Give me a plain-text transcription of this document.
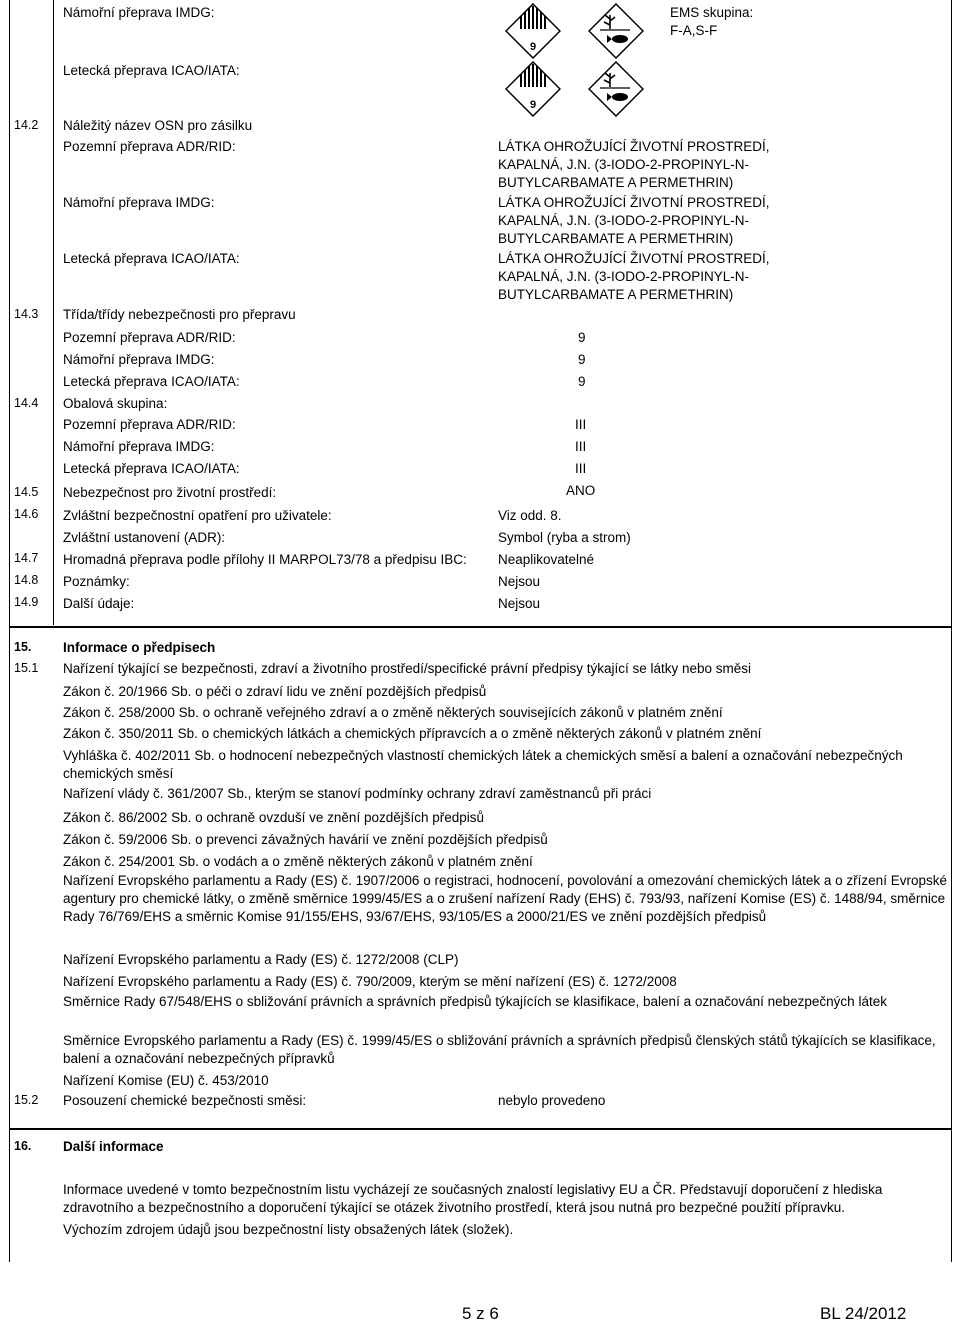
Námořní přeprava IMDG:
Letecká přeprava ICAO/IATA:
EMS skupina:
F-A,S-F
9
9
14.2 Náležitý název OSN pro zásilku
Pozemní přeprava ADR/RID:	LÁTKA OHROŽUJÍCÍ ŽIVOTNÍ PROSTREDÍ,
KAPALNÁ, J.N. (3-IODO-2-PROPINYL-N-
BUTYLCARBAMATE A PERMETHRIN)
Námořní přeprava IMDG:	LÁTKA OHROŽUJÍCÍ ŽIVOTNÍ PROSTREDÍ,
KAPALNÁ, J.N. (3-IODO-2-PROPINYL-N-
BUTYLCARBAMATE A PERMETHRIN)
Letecká přeprava ICAO/IATA:	LÁTKA OHROŽUJÍCÍ ŽIVOTNÍ PROSTREDÍ,
KAPALNÁ, J.N. (3-IODO-2-PROPINYL-N-
BUTYLCARBAMATE A PERMETHRIN)
14.3 Třída/třídy nebezpečnosti pro přepravu
Pozemní přeprava ADR/RID:	9
Námořní přeprava IMDG:	9
Letecká přeprava ICAO/IATA:	9
14.4 Obalová skupina:
Pozemní přeprava ADR/RID:	III
Námořní přeprava IMDG:	III
Letecká přeprava ICAO/IATA:	III
14.5 Nebezpečnost pro životní prostředí:	ANO
14.6 Zvláštní bezpečnostní opatření pro uživatele:	Viz odd. 8.
Zvláštní ustanovení (ADR):	Symbol (ryba a strom)
14.7 Hromadná přeprava podle přílohy II MARPOL73/78 a předpisu IBC: Neaplikovatelné
14.8 Poznámky:	Nejsou
14.9 Další údaje:	Nejsou
15. Informace o předpisech
15.1 Nařízení týkající se bezpečnosti, zdraví a životního prostředí/specifické právní předpisy týkající se látky nebo směsi
Zákon č. 20/1966 Sb. o péči o zdraví lidu ve znění pozdějších předpisů
Zákon č. 258/2000 Sb. o ochraně veřejného zdraví a o změně některých souvisejících zákonů v platném znění
Zákon č. 350/2011 Sb. o chemických látkách a chemických přípravcích a o změně některých zákonů v platném znění
Vyhláška č. 402/2011 Sb. o hodnocení nebezpečných vlastností chemických látek a chemických směsí a balení a označování nebezpečných chemických směsí
Nařízení vlády č. 361/2007 Sb., kterým se stanoví podmínky ochrany zdraví zaměstnanců při práci
Zákon č. 86/2002 Sb. o ochraně ovzduší ve znění pozdějších předpisů
Zákon č. 59/2006 Sb. o prevenci závažných havárií ve znění pozdějších předpisů
Zákon č. 254/2001 Sb. o vodách a o změně některých zákonů v platném znění
Nařízení Evropského parlamentu a Rady (ES) č. 1907/2006 o registraci, hodnocení, povolování a omezování chemických látek a o zřízení Evropské agentury pro chemické látky, o změně směrnice 1999/45/ES a o zrušení nařízení Rady (EHS) č. 793/93, nařízení Komise (ES) č. 1488/94, směrnice Rady 76/769/EHS a směrnic Komise 91/155/EHS, 93/67/EHS, 93/105/ES a 2000/21/ES ve znění pozdějších předpisů
Nařízení Evropského parlamentu a Rady (ES) č. 1272/2008 (CLP)
Nařízení Evropského parlamentu a Rady (ES) č. 790/2009, kterým se mění nařízení (ES) č. 1272/2008
Směrnice Rady 67/548/EHS o sbližování právních a správních předpisů týkajících se klasifikace, balení a označování nebezpečných látek
Směrnice Evropského parlamentu a Rady (ES) č. 1999/45/ES o sbližování právních a správních předpisů členských států týkajících se klasifikace, balení a označování nebezpečných přípravků
Nařízení Komise (EU) č. 453/2010
15.2 Posouzení chemické bezpečnosti směsi:	nebylo provedeno
16. Další informace
Informace uvedené v tomto bezpečnostním listu vycházejí ze současných znalostí legislativy EU a ČR. Představují doporučení z hlediska zdravotního a bezpečnostního a doporučení týkající se otázek životního prostředí, která jsou nutná pro bezpečné použití přípravku.
Výchozím zdrojem údajů jsou bezpečnostní listy obsažených látek (složek).
5 z 6	BL 24/2012
